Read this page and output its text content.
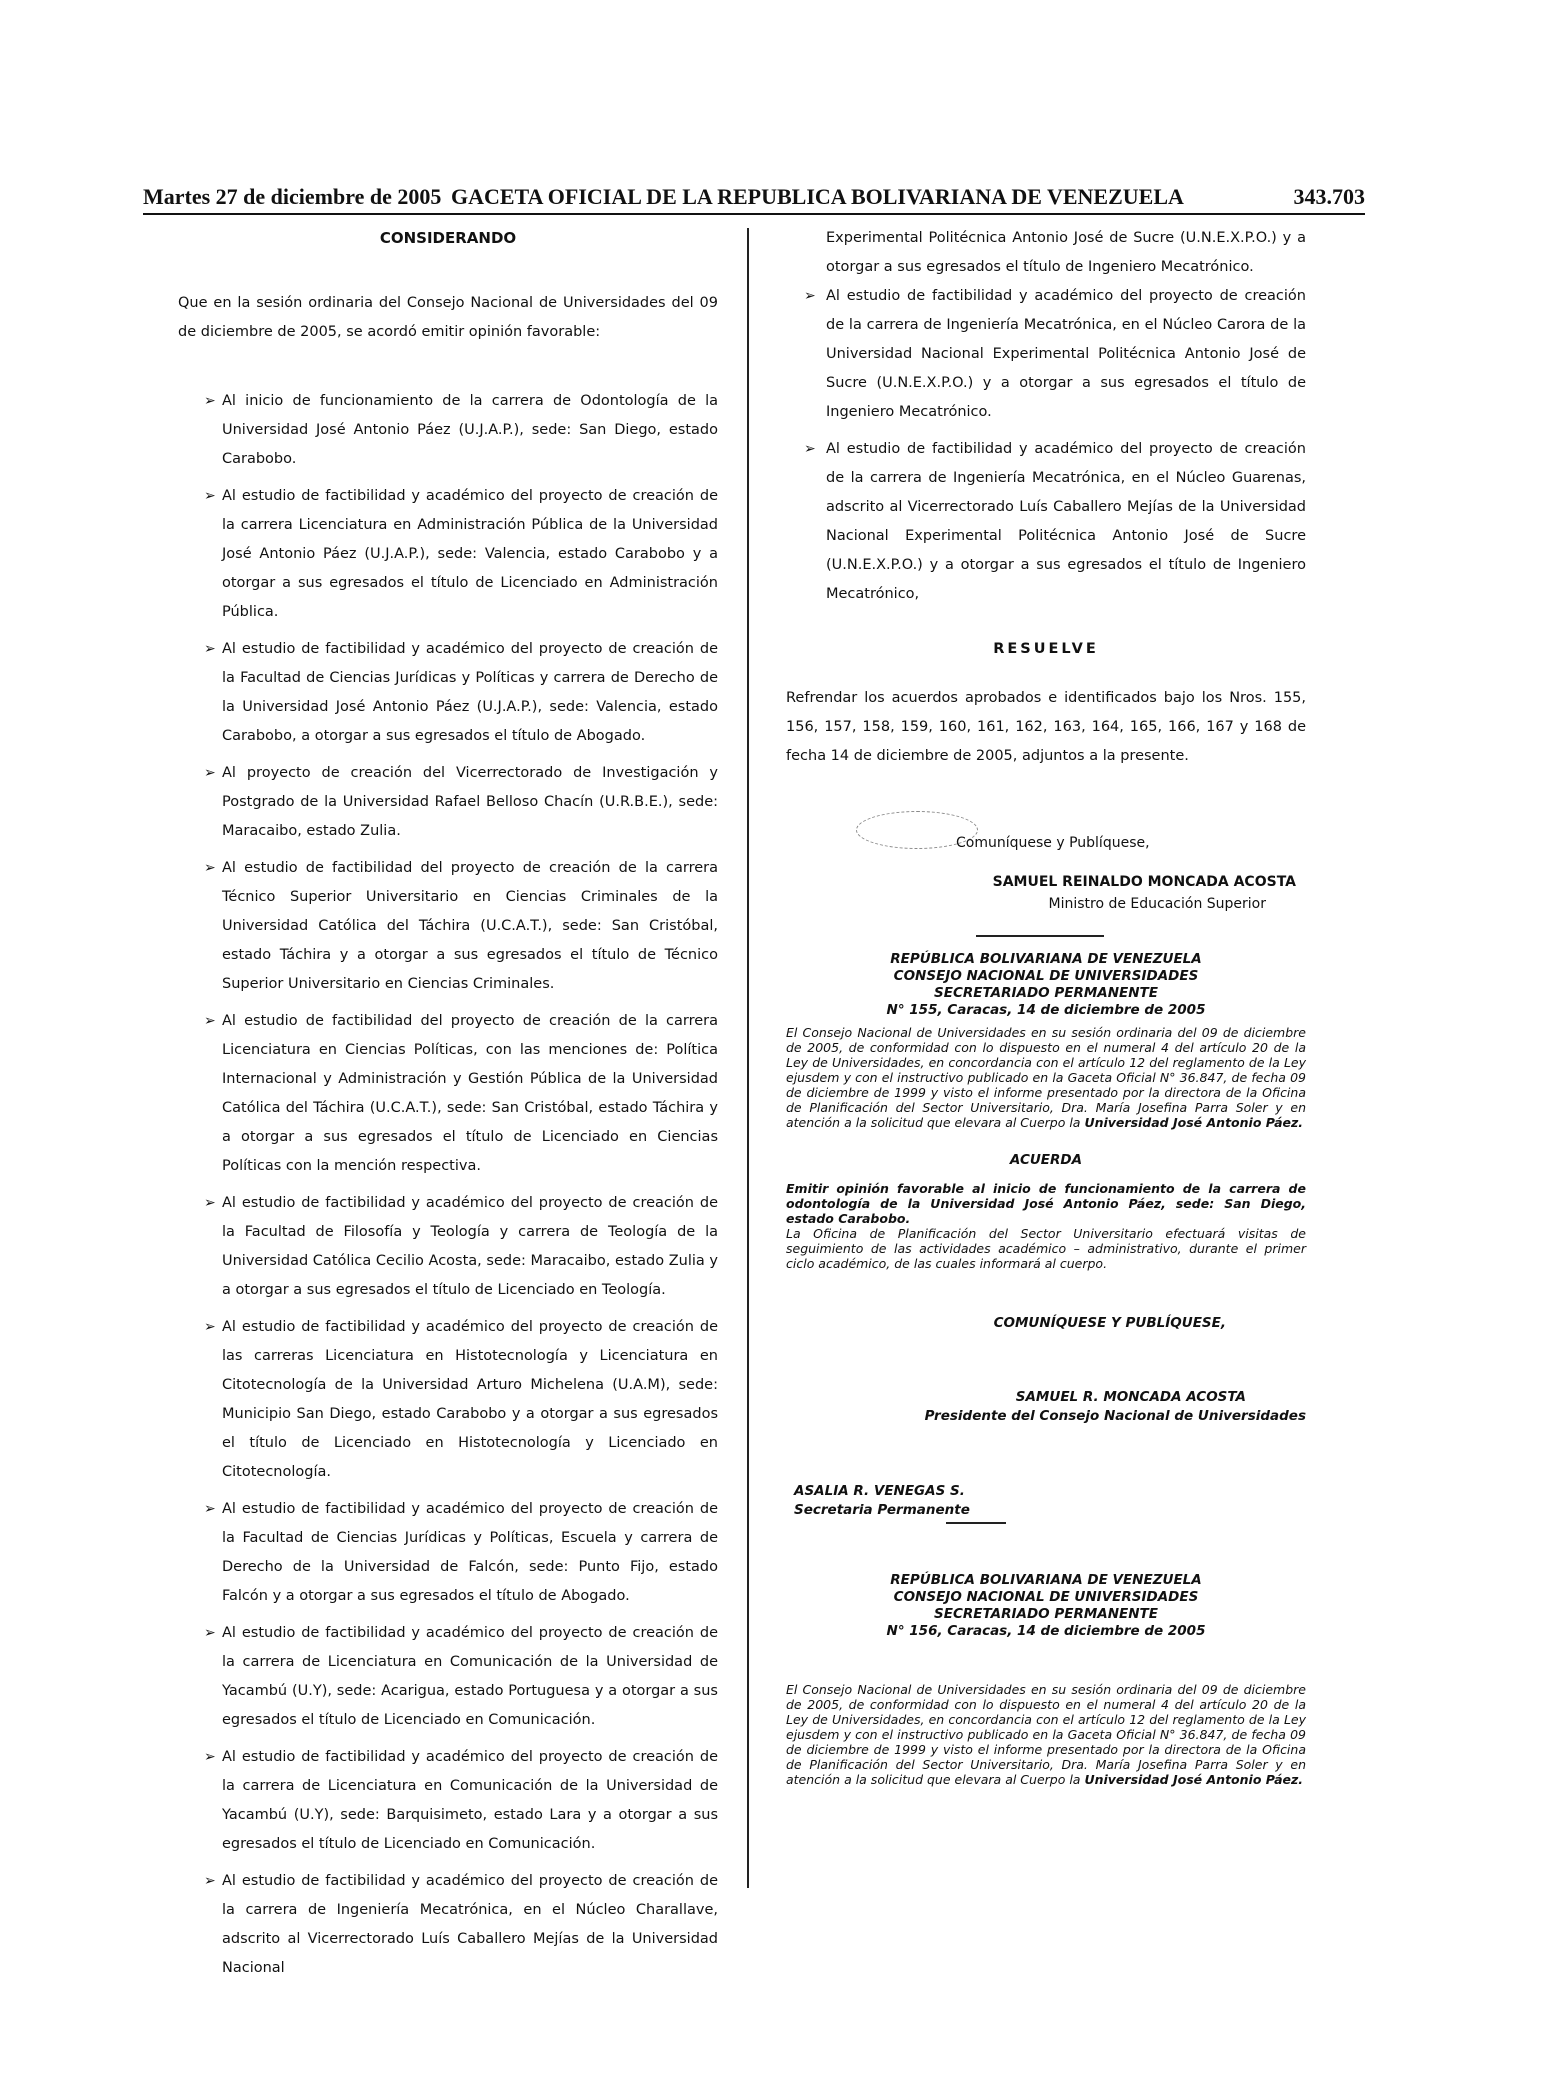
Martes 27 de diciembre de 2005 GACETA OFICIAL DE LA REPUBLICA BOLIVARIANA DE VENEZUELA	343.703

CONSIDERANDO

Que en la sesión ordinaria del Consejo Nacional de Universidades del 09 de diciembre de 2005, se acordó emitir opinión favorable:

➢ Al inicio de funcionamiento de la carrera de Odontología de la Universidad José Antonio Páez (U.J.A.P.), sede: San Diego, estado Carabobo.
➢ Al estudio de factibilidad y académico del proyecto de creación de la carrera Licenciatura en Administración Pública de la Universidad José Antonio Páez (U.J.A.P.), sede: Valencia, estado Carabobo y a otorgar a sus egresados el título de Licenciado en Administración Pública.
➢ Al estudio de factibilidad y académico del proyecto de creación de la Facultad de Ciencias Jurídicas y Políticas y carrera de Derecho de la Universidad José Antonio Páez (U.J.A.P.), sede: Valencia, estado Carabobo, a otorgar a sus egresados el título de Abogado.
➢ Al proyecto de creación del Vicerrectorado de Investigación y Postgrado de la Universidad Rafael Belloso Chacín (U.R.B.E.), sede: Maracaibo, estado Zulia.
➢ Al estudio de factibilidad del proyecto de creación de la carrera Técnico Superior Universitario en Ciencias Criminales de la Universidad Católica del Táchira (U.C.A.T.), sede: San Cristóbal, estado Táchira y a otorgar a sus egresados el título de Técnico Superior Universitario en Ciencias Criminales.
➢ Al estudio de factibilidad del proyecto de creación de la carrera Licenciatura en Ciencias Políticas, con las menciones de: Política Internacional y Administración y Gestión Pública de la Universidad Católica del Táchira (U.C.A.T.), sede: San Cristóbal, estado Táchira y a otorgar a sus egresados el título de Licenciado en Ciencias Políticas con la mención respectiva.
➢ Al estudio de factibilidad y académico del proyecto de creación de la Facultad de Filosofía y Teología y carrera de Teología de la Universidad Católica Cecilio Acosta, sede: Maracaibo, estado Zulia y a otorgar a sus egresados el título de Licenciado en Teología.
➢ Al estudio de factibilidad y académico del proyecto de creación de las carreras Licenciatura en Histotecnología y Licenciatura en Citotecnología de la Universidad Arturo Michelena (U.A.M), sede: Municipio San Diego, estado Carabobo y a otorgar a sus egresados el título de Licenciado en Histotecnología y Licenciado en Citotecnología.
➢ Al estudio de factibilidad y académico del proyecto de creación de la Facultad de Ciencias Jurídicas y Políticas, Escuela y carrera de Derecho de la Universidad de Falcón, sede: Punto Fijo, estado Falcón y a otorgar a sus egresados el título de Abogado.
➢ Al estudio de factibilidad y académico del proyecto de creación de la carrera de Licenciatura en Comunicación de la Universidad de Yacambú (U.Y), sede: Acarigua, estado Portuguesa y a otorgar a sus egresados el título de Licenciado en Comunicación.
➢ Al estudio de factibilidad y académico del proyecto de creación de la carrera de Licenciatura en Comunicación de la Universidad de Yacambú (U.Y), sede: Barquisimeto, estado Lara y a otorgar a sus egresados el título de Licenciado en Comunicación.
➢ Al estudio de factibilidad y académico del proyecto de creación de la carrera de Ingeniería Mecatrónica, en el Núcleo Charallave, adscrito al Vicerrectorado Luís Caballero Mejías de la Universidad Nacional

Experimental Politécnica Antonio José de Sucre (U.N.E.X.P.O.) y a otorgar a sus egresados el título de Ingeniero Mecatrónico.

➢ Al estudio de factibilidad y académico del proyecto de creación de la carrera de Ingeniería Mecatrónica, en el Núcleo Carora de la Universidad Nacional Experimental Politécnica Antonio José de Sucre (U.N.E.X.P.O.) y a otorgar a sus egresados el título de Ingeniero Mecatrónico.
➢ Al estudio de factibilidad y académico del proyecto de creación de la carrera de Ingeniería Mecatrónica, en el Núcleo Guarenas, adscrito al Vicerrectorado Luís Caballero Mejías de la Universidad Nacional Experimental Politécnica Antonio José de Sucre (U.N.E.X.P.O.) y a otorgar a sus egresados el título de Ingeniero Mecatrónico,

RESUELVE

Refrendar los acuerdos aprobados e identificados bajo los Nros. 155, 156, 157, 158, 159, 160, 161, 162, 163, 164, 165, 166, 167 y 168 de fecha 14 de diciembre de 2005, adjuntos a la presente.

Comuníquese y Publíquese,

SAMUEL REINALDO MONCADA ACOSTA

Ministro de Educación Superior

REPÚBLICA BOLIVARIANA DE VENEZUELA

CONSEJO NACIONAL DE UNIVERSIDADES

SECRETARIADO PERMANENTE

N° 155, Caracas, 14 de diciembre de 2005

El Consejo Nacional de Universidades en su sesión ordinaria del 09 de diciembre de 2005, de conformidad con lo dispuesto en el numeral 4 del artículo 20 de la Ley de Universidades, en concordancia con el artículo 12 del reglamento de la Ley ejusdem y con el instructivo publicado en la Gaceta Oficial N° 36.847, de fecha 09 de diciembre de 1999 y visto el informe presentado por la directora de la Oficina de Planificación del Sector Universitario, Dra. María Josefina Parra Soler y en atención a la solicitud que elevara al Cuerpo la Universidad José Antonio Páez.

ACUERDA

Emitir opinión favorable al inicio de funcionamiento de la carrera de odontología de la Universidad José Antonio Páez, sede: San Diego, estado Carabobo.

La Oficina de Planificación del Sector Universitario efectuará visitas de seguimiento de las actividades académico – administrativo, durante el primer ciclo académico, de las cuales informará al cuerpo.

COMUNÍQUESE Y PUBLÍQUESE,

SAMUEL R. MONCADA ACOSTA

Presidente del Consejo Nacional de Universidades

ASALIA R. VENEGAS S.

Secretaria Permanente

REPÚBLICA BOLIVARIANA DE VENEZUELA

CONSEJO NACIONAL DE UNIVERSIDADES

SECRETARIADO PERMANENTE

N° 156, Caracas, 14 de diciembre de 2005

El Consejo Nacional de Universidades en su sesión ordinaria del 09 de diciembre de 2005, de conformidad con lo dispuesto en el numeral 4 del artículo 20 de la Ley de Universidades, en concordancia con el artículo 12 del reglamento de la Ley ejusdem y con el instructivo publicado en la Gaceta Oficial N° 36.847, de fecha 09 de diciembre de 1999 y visto el informe presentado por la directora de la Oficina de Planificación del Sector Universitario, Dra. María Josefina Parra Soler y en atención a la solicitud que elevara al Cuerpo la Universidad José Antonio Páez.
